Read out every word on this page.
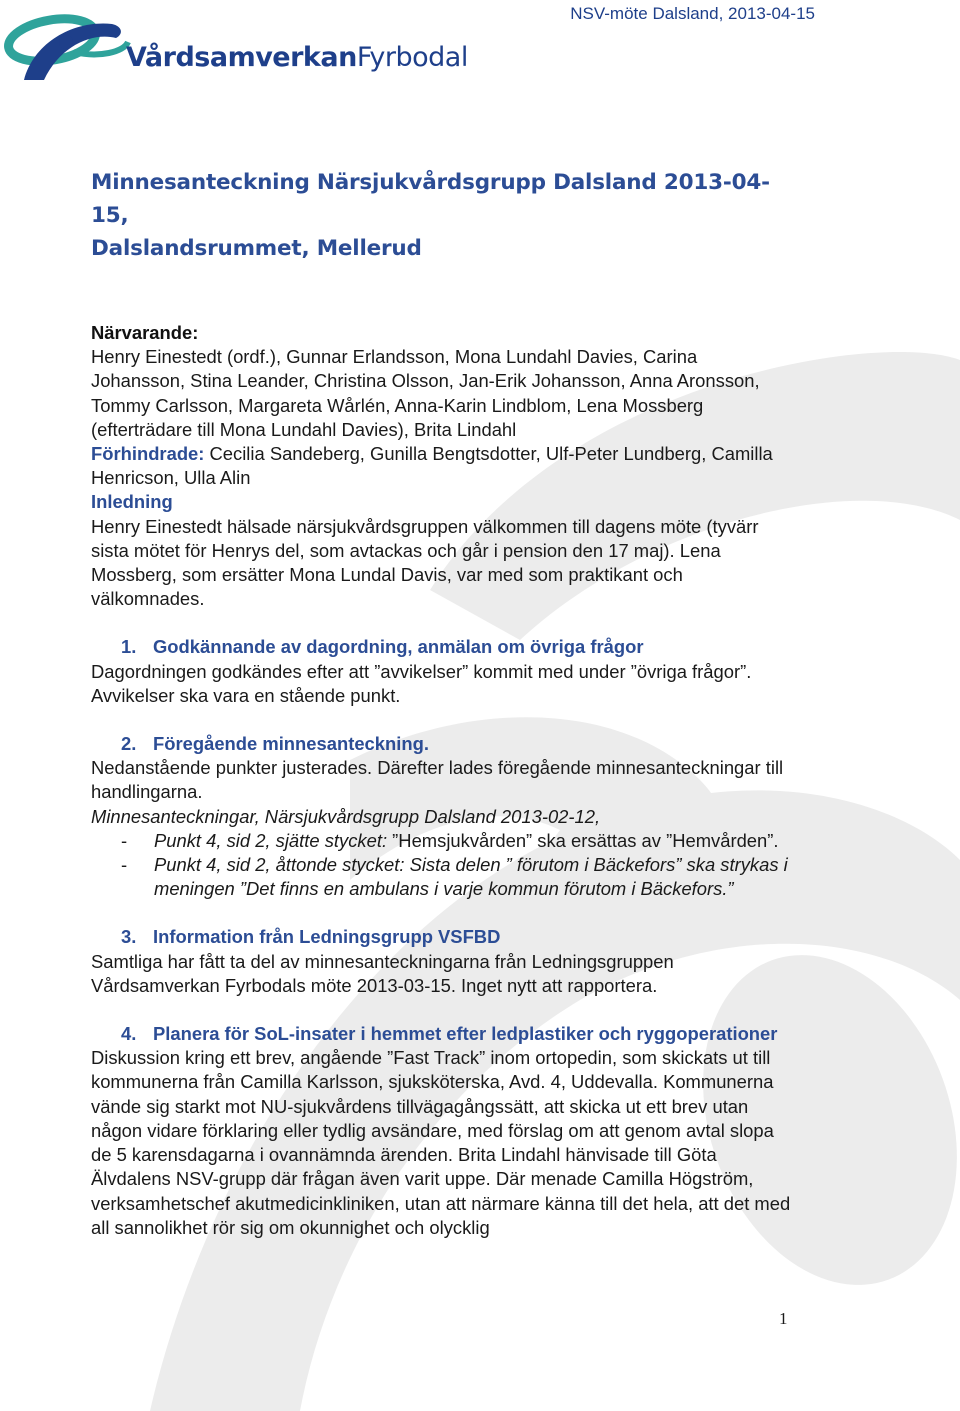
NSV-möte Dalsland, 2013-04-15
VårdsamverkanFyrbodal
Minnesanteckning Närsjukvårdsgrupp Dalsland 2013-04-15,
Dalslandsrummet, Mellerud

Närvarande:

Henry Einestedt (ordf.), Gunnar Erlandsson, Mona Lundahl Davies, Carina Johansson, Stina Leander, Christina Olsson, Jan-Erik Johansson, Anna Aronsson, Tommy Carlsson, Margareta Wårlén, Anna-Karin Lindblom, Lena Mossberg (efterträdare till Mona Lundahl Davies), Brita Lindahl

Förhindrade: Cecilia Sandeberg, Gunilla Bengtsdotter, Ulf-Peter Lundberg, Camilla Henricson, Ulla Alin

Inledning

Henry Einestedt hälsade närsjukvårdsgruppen välkommen till dagens möte (tyvärr sista mötet för Henrys del, som avtackas och går i pension den 17 maj). Lena Mossberg, som ersätter Mona Lundal Davis, var med som praktikant och välkomnades.

1. Godkännande av dagordning, anmälan om övriga frågor

Dagordningen godkändes efter att ”avvikelser” kommit med under ”övriga frågor”. Avvikelser ska vara en stående punkt.

2. Föregående minnesanteckning.

Nedanstående punkter justerades. Därefter lades föregående minnesanteckningar till handlingarna.

Minnesanteckningar, Närsjukvårdsgrupp Dalsland 2013-02-12,

- Punkt 4, sid 2, sjätte stycket: ”Hemsjukvården” ska ersättas av ”Hemvården”.
- Punkt 4, sid 2, åttonde stycket: Sista delen ” förutom i Bäckefors” ska strykas i meningen ”Det finns en ambulans i varje kommun förutom i Bäckefors.”
3. Information från Ledningsgrupp VSFBD

Samtliga har fått ta del av minnesanteckningarna från Ledningsgruppen Vårdsamverkan Fyrbodals möte 2013-03-15. Inget nytt att rapportera.

4. Planera för SoL-insater i hemmet efter ledplastiker och ryggoperationer

Diskussion kring ett brev, angående ”Fast Track” inom ortopedin, som skickats ut till kommunerna från Camilla Karlsson, sjuksköterska, Avd. 4, Uddevalla. Kommunerna vände sig starkt mot NU-sjukvårdens tillvägagångssätt, att skicka ut ett brev utan någon vidare förklaring eller tydlig avsändare, med förslag om att genom avtal slopa de 5 karensdagarna i ovannämnda ärenden. Brita Lindahl hänvisade till Göta Älvdalens NSV-grupp där frågan även varit uppe. Där menade Camilla Högström, verksamhetschef akutmedicinkliniken, utan att närmare känna till det hela, att det med all sannolikhet rör sig om okunnighet och olycklig

1
